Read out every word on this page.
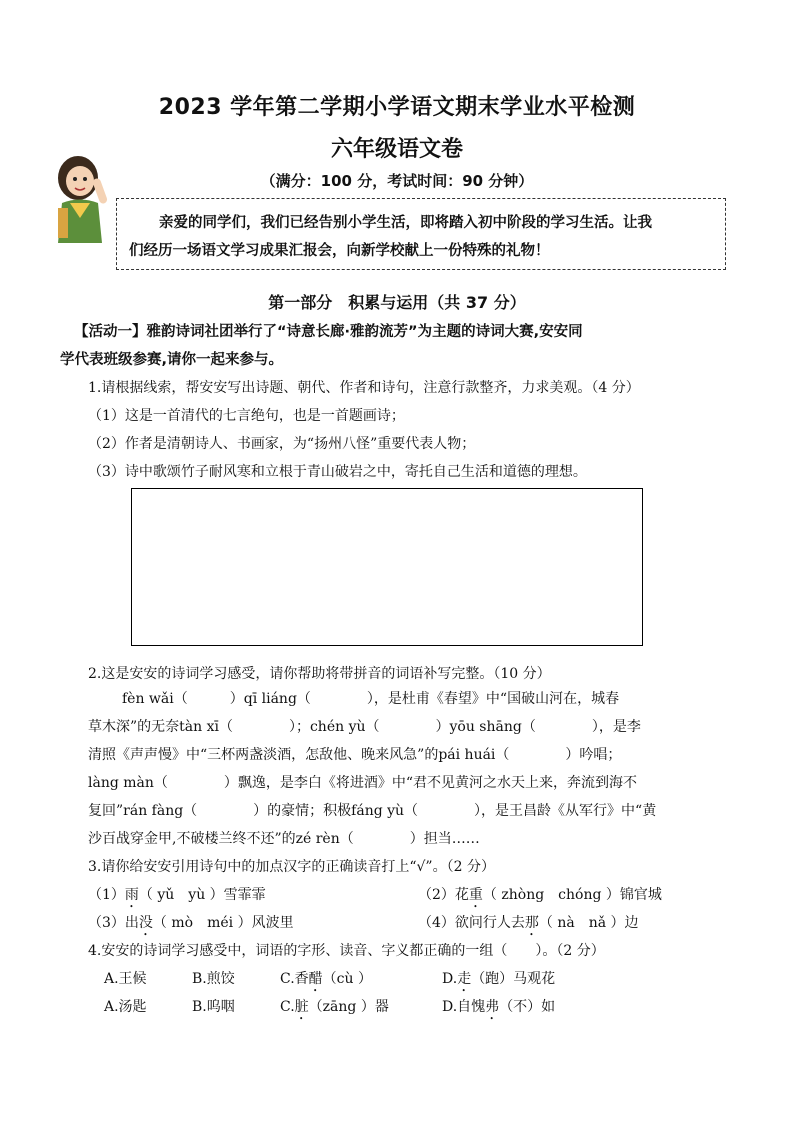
2023 学年第二学期小学语文期末学业水平检测
六年级语文卷
（满分：100 分，考试时间：90 分钟）
亲爱的同学们，我们已经告别小学生活，即将踏入初中阶段的学习生活。让我
们经历一场语文学习成果汇报会，向新学校献上一份特殊的礼物！
第一部分　积累与运用（共 37 分）
【活动一】雅韵诗词社团举行了“诗意长廊·雅韵流芳”为主题的诗词大赛,安安同
学代表班级参赛,请你一起来参与。
1.请根据线索，帮安安写出诗题、朝代、作者和诗句，注意行款整齐，力求美观。（4 分）
（1）这是一首清代的七言绝句，也是一首题画诗；
（2）作者是清朝诗人、书画家，为“扬州八怪”重要代表人物；
（3）诗中歌颂竹子耐风寒和立根于青山破岩之中，寄托自己生活和道德的理想。
2.这是安安的诗词学习感受，请你帮助将带拼音的词语补写完整。（10 分）
fèn wǎi（　　　）qī liáng（　　　　），是杜甫《春望》中“国破山河在，城春
草木深”的无奈tàn xī（　　　　）；chén yù（　　　　）yōu shāng（　　　　），是李
清照《声声慢》中“三杯两盏淡酒，怎敌他、晚来风急”的pái huái（　　　　）吟唱；
làng màn（　　　　）飘逸，是李白《将进酒》中“君不见黄河之水天上来，奔流到海不
复回”rán fàng（　　　　）的豪情；积极fáng yù（　　　　），是王昌龄《从军行》中“黄
沙百战穿金甲,不破楼兰终不还”的zé rèn（　　　　）担当……
3.请你给安安引用诗句中的加点汉字的正确读音打上“√”。（2 分）
（1）雨（ yǔ　yù ）雪霏霏	（2）花重（ zhòng　chóng ）锦官城
（3）出没（ mò　méi ）风波里	（4）欲问行人去那（ nà　nǎ ）边
4.安安的诗词学习感受中，词语的字形、读音、字义都正确的一组（　　）。（2 分）
A.王候	B.煎饺	C.香醋（cù ）	D.走（跑）马观花
A.汤匙	B.呜咽	C.脏（zāng ）器	D.自愧弗（不）如
